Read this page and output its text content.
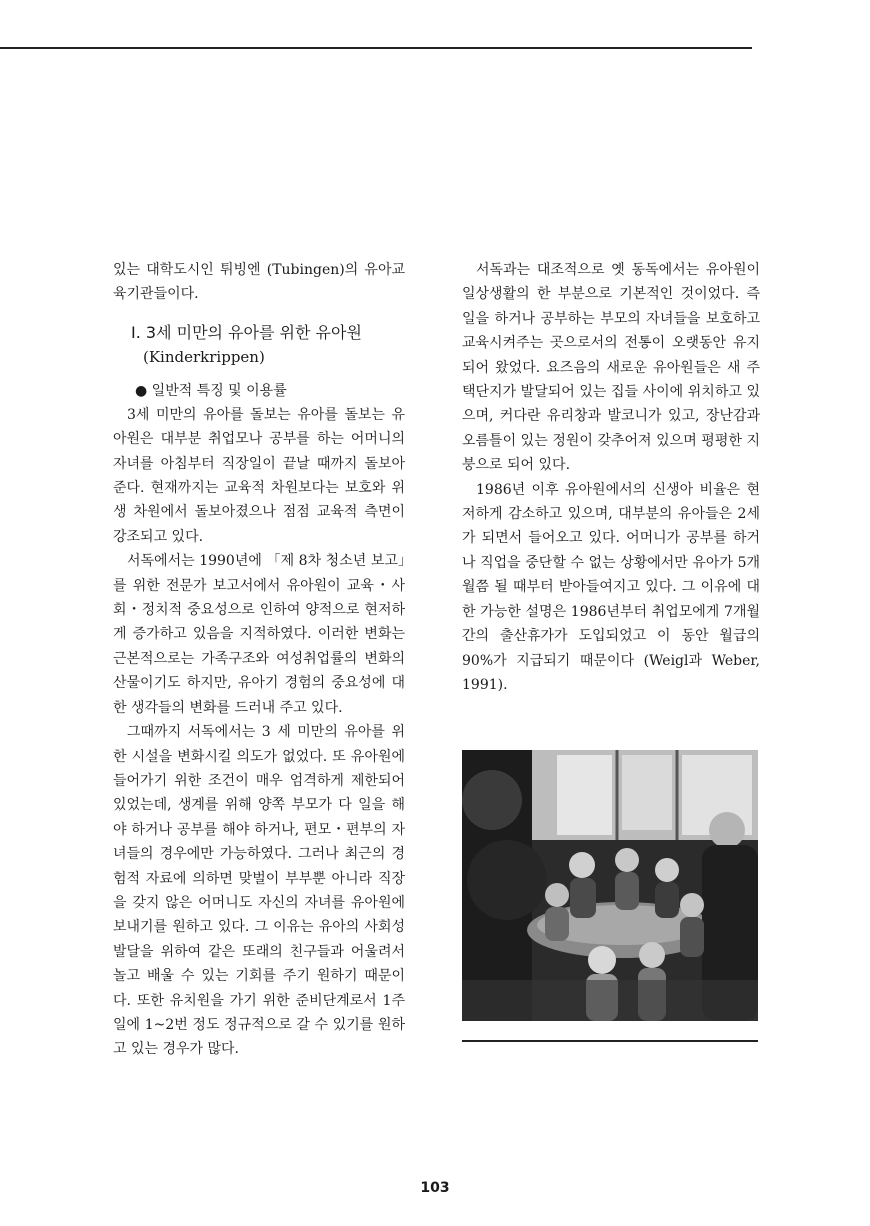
있는 대학도시인 튀빙엔 (Tubingen)의 유아교육기관들이다.

Ⅰ. 3세 미만의 유아를 위한 유아원
(Kinderkrippen)
● 일반적 특징 및 이용률

3세 미만의 유아를 돌보는 유아를 돌보는 유아원은 대부분 취업모나 공부를 하는 어머니의 자녀를 아침부터 직장일이 끝날 때까지 돌보아준다. 현재까지는 교육적 차원보다는 보호와 위생 차원에서 돌보아졌으나 점점 교육적 측면이 강조되고 있다.

서독에서는 1990년에 「제 8차 청소년 보고」를 위한 전문가 보고서에서 유아원이 교육・사회・정치적 중요성으로 인하여 양적으로 현저하게 증가하고 있음을 지적하였다. 이러한 변화는 근본적으로는 가족구조와 여성취업률의 변화의 산물이기도 하지만, 유아기 경험의 중요성에 대한 생각들의 변화를 드러내 주고 있다.

그때까지 서독에서는 3 세 미만의 유아를 위한 시설을 변화시킬 의도가 없었다. 또 유아원에 들어가기 위한 조건이 매우 엄격하게 제한되어 있었는데, 생계를 위해 양쪽 부모가 다 일을 해야 하거나 공부를 해야 하거나, 편모・편부의 자녀들의 경우에만 가능하였다. 그러나 최근의 경험적 자료에 의하면 맞벌이 부부뿐 아니라 직장을 갖지 않은 어머니도 자신의 자녀를 유아원에 보내기를 원하고 있다. 그 이유는 유아의 사회성 발달을 위하여 같은 또래의 친구들과 어울려서 놀고 배울 수 있는 기회를 주기 원하기 때문이다. 또한 유치원을 가기 위한 준비단계로서 1주일에 1~2번 정도 정규적으로 갈 수 있기를 원하고 있는 경우가 많다.

서독과는 대조적으로 옛 동독에서는 유아원이 일상생활의 한 부분으로 기본적인 것이었다. 즉 일을 하거나 공부하는 부모의 자녀들을 보호하고 교육시켜주는 곳으로서의 전통이 오랫동안 유지되어 왔었다. 요즈음의 새로운 유아원들은 새 주택단지가 발달되어 있는 집들 사이에 위치하고 있으며, 커다란 유리창과 발코니가 있고, 장난감과 오름틀이 있는 정원이 갖추어져 있으며 평평한 지붕으로 되어 있다.

1986년 이후 유아원에서의 신생아 비율은 현저하게 감소하고 있으며, 대부분의 유아들은 2세가 되면서 들어오고 있다. 어머니가 공부를 하거나 직업을 중단할 수 없는 상황에서만 유아가 5개월쯤 될 때부터 받아들여지고 있다. 그 이유에 대한 가능한 설명은 1986년부터 취업모에게 7개월간의 출산휴가가 도입되었고 이 동안 월급의 90%가 지급되기 때문이다 (Weigl과 Weber, 1991).

103
